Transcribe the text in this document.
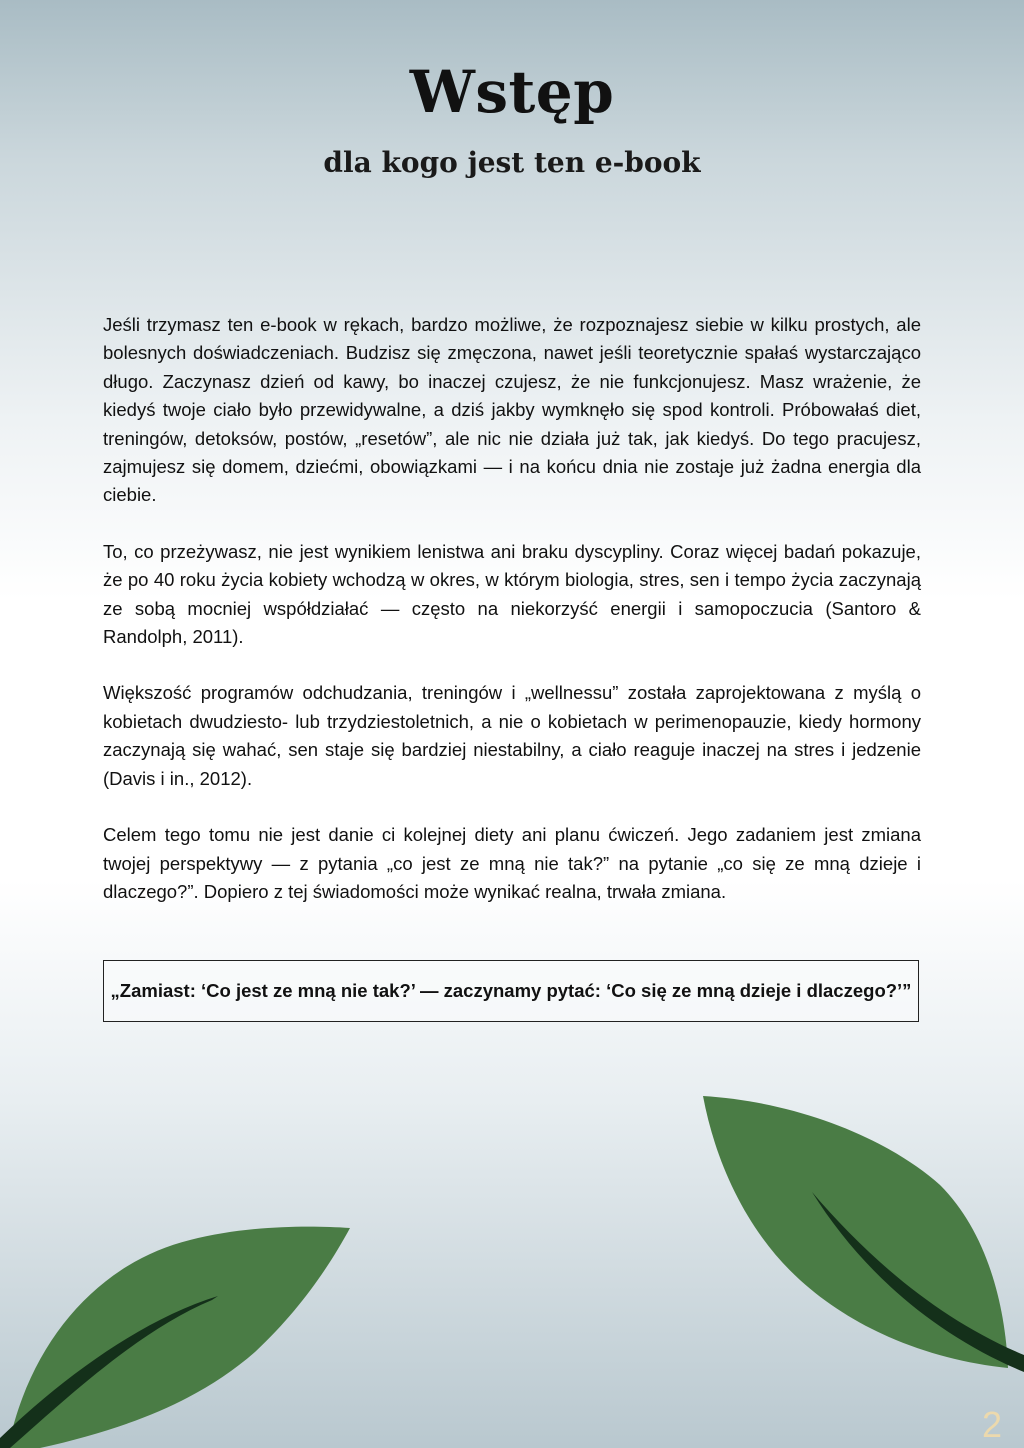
Wstęp
dla kogo jest ten e-book

Jeśli trzymasz ten e-book w rękach, bardzo możliwe, że rozpoznajesz siebie w kilku prostych, ale bolesnych doświadczeniach. Budzisz się zmęczona, nawet jeśli teoretycznie spałaś wystarczająco długo. Zaczynasz dzień od kawy, bo inaczej czujesz, że nie funkcjonujesz. Masz wrażenie, że kiedyś twoje ciało było przewidywalne, a dziś jakby wymknęło się spod kontroli. Próbowałaś diet, treningów, detoksów, postów, „resetów”, ale nic nie działa już tak, jak kiedyś. Do tego pracujesz, zajmujesz się domem, dziećmi, obowiązkami — i na końcu dnia nie zostaje już żadna energia dla ciebie.

To, co przeżywasz, nie jest wynikiem lenistwa ani braku dyscypliny. Coraz więcej badań pokazuje, że po 40 roku życia kobiety wchodzą w okres, w którym biologia, stres, sen i tempo życia zaczynają ze sobą mocniej współdziałać — często na niekorzyść energii i samopoczucia (Santoro & Randolph, 2011).

Większość programów odchudzania, treningów i „wellnessu” została zaprojektowana z myślą o kobietach dwudziesto- lub trzydziestoletnich, a nie o kobietach w perimenopauzie, kiedy hormony zaczynają się wahać, sen staje się bardziej niestabilny, a ciało reaguje inaczej na stres i jedzenie (Davis i in., 2012).

Celem tego tomu nie jest danie ci kolejnej diety ani planu ćwiczeń. Jego zadaniem jest zmiana twojej perspektywy — z pytania „co jest ze mną nie tak?” na pytanie „co się ze mną dzieje i dlaczego?”. Dopiero z tej świadomości może wynikać realna, trwała zmiana.

„Zamiast: ‘Co jest ze mną nie tak?’ — zaczynamy pytać: ‘Co się ze mną dzieje i dlaczego?’”
2
